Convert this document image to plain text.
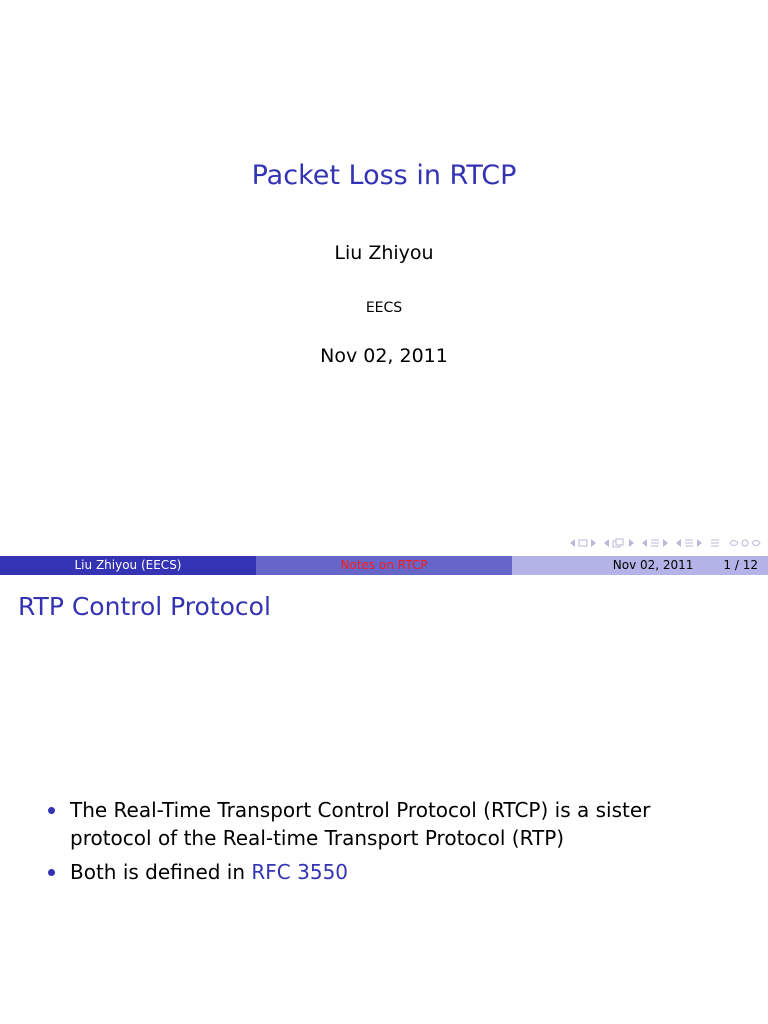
Packet Loss in RTCP
Liu Zhiyou
EECS
Nov 02, 2011
Liu Zhiyou (EECS)	Notes on RTCP	Nov 02, 2011	1 / 12
RTP Control Protocol
The Real-Time Transport Control Protocol (RTCP) is a sister protocol of the Real-time Transport Protocol (RTP)
Both is defined in RFC 3550
